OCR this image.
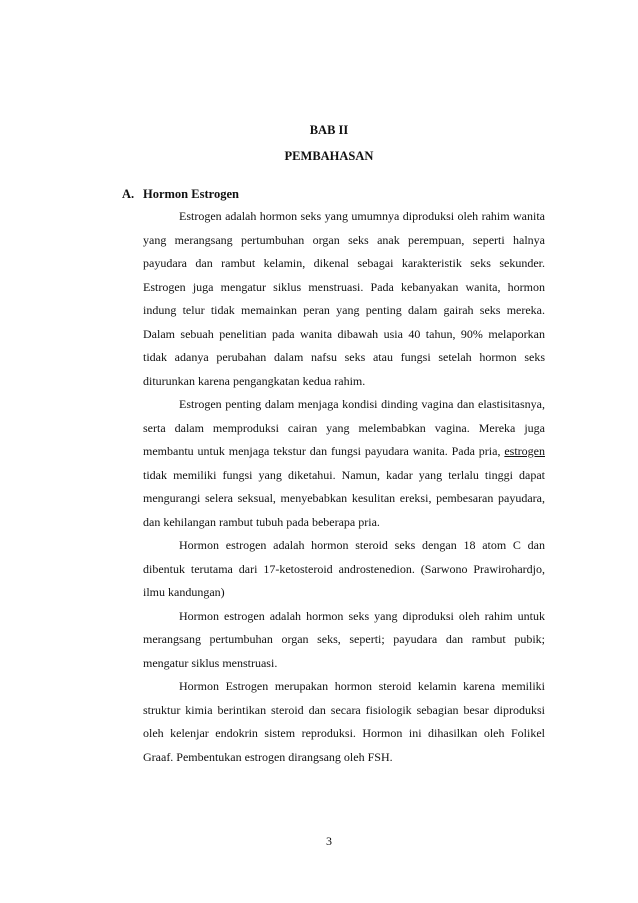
BAB II
PEMBAHASAN
A. Hormon Estrogen

Estrogen adalah hormon seks yang umumnya diproduksi oleh rahim wanita yang merangsang pertumbuhan organ seks anak perempuan, seperti halnya payudara dan rambut kelamin, dikenal sebagai karakteristik seks sekunder. Estrogen juga mengatur siklus menstruasi. Pada kebanyakan wanita, hormon indung telur tidak memainkan peran yang penting dalam gairah seks mereka. Dalam sebuah penelitian pada wanita dibawah usia 40 tahun, 90% melaporkan tidak adanya perubahan dalam nafsu seks atau fungsi setelah hormon seks diturunkan karena pengangkatan kedua rahim.

Estrogen penting dalam menjaga kondisi dinding vagina dan elastisitasnya, serta dalam memproduksi cairan yang melembabkan vagina. Mereka juga membantu untuk menjaga tekstur dan fungsi payudara wanita. Pada pria, estrogen tidak memiliki fungsi yang diketahui. Namun, kadar yang terlalu tinggi dapat mengurangi selera seksual, menyebabkan kesulitan ereksi, pembesaran payudara, dan kehilangan rambut tubuh pada beberapa pria.

Hormon estrogen adalah hormon steroid seks dengan 18 atom C dan dibentuk terutama dari 17-ketosteroid androstenedion. (Sarwono Prawirohardjo, ilmu kandungan)

Hormon estrogen adalah hormon seks yang diproduksi oleh rahim untuk merangsang pertumbuhan organ seks, seperti; payudara dan rambut pubik; mengatur siklus menstruasi.

Hormon Estrogen merupakan hormon steroid kelamin karena memiliki struktur kimia berintikan steroid dan secara fisiologik sebagian besar diproduksi oleh kelenjar endokrin sistem reproduksi. Hormon ini dihasilkan oleh Folikel Graaf. Pembentukan estrogen dirangsang oleh FSH.

3
